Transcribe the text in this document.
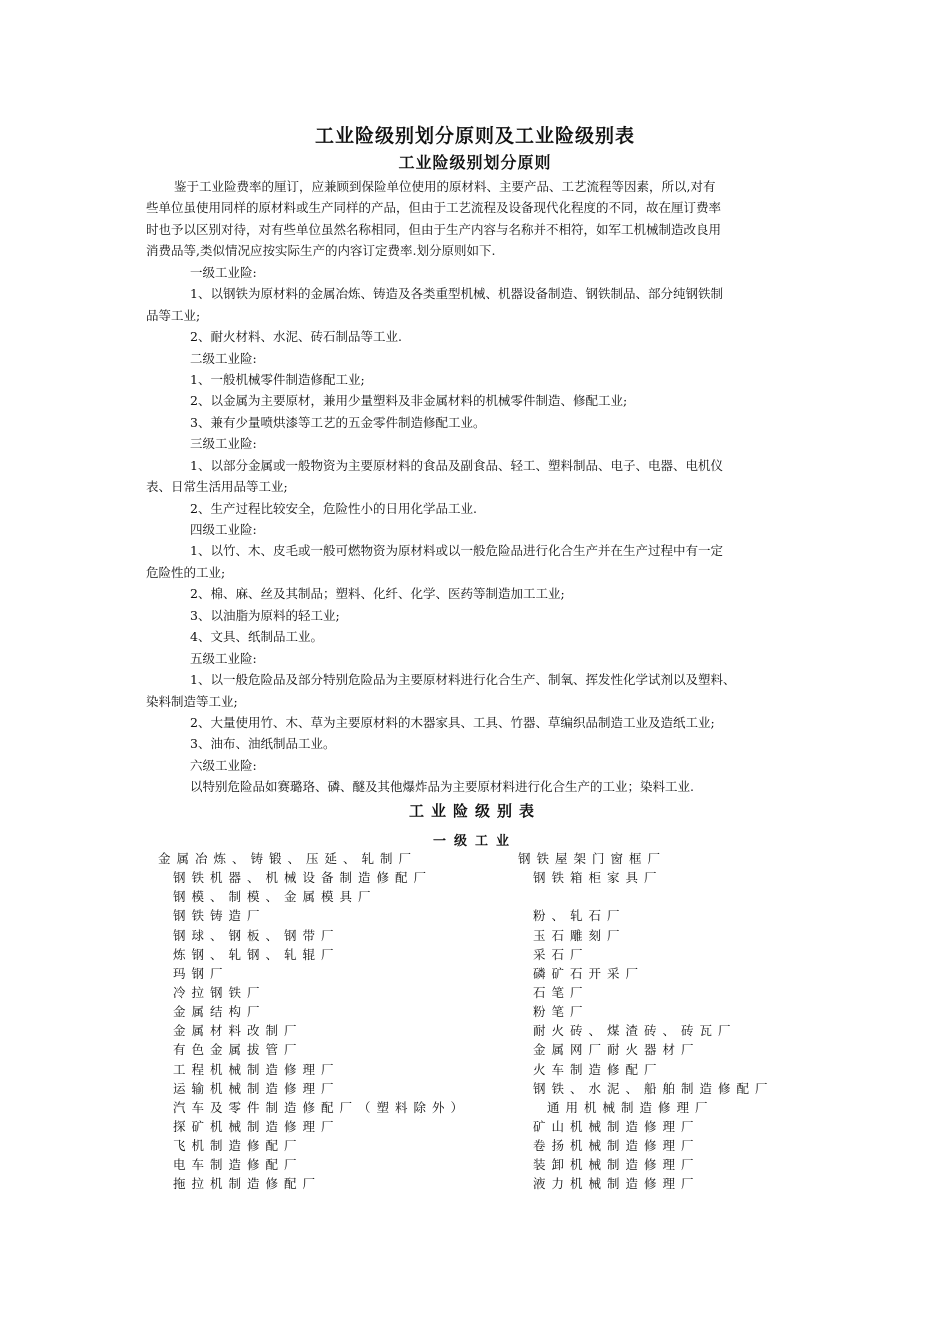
工业险级别划分原则及工业险级别表
工业险级别划分原则
鉴于工业险费率的厘订，应兼顾到保险单位使用的原材料、主要产品、工艺流程等因素，所以,对有
些单位虽使用同样的原材料或生产同样的产品，但由于工艺流程及设备现代化程度的不同，故在厘订费率
时也予以区别对待，对有些单位虽然名称相同，但由于生产内容与名称并不相符，如军工机械制造改良用
消费品等,类似情况应按实际生产的内容订定费率.划分原则如下.
一级工业险:
1、以钢铁为原材料的金属冶炼、铸造及各类重型机械、机器设备制造、钢铁制品、部分纯钢铁制
品等工业;
2、耐火材料、水泥、砖石制品等工业.
二级工业险:
1、一般机械零件制造修配工业;
2、以金属为主要原材，兼用少量塑料及非金属材料的机械零件制造、修配工业;
3、兼有少量喷烘漆等工艺的五金零件制造修配工业。
三级工业险:
1、以部分金属或一般物资为主要原材料的食品及副食品、轻工、塑料制品、电子、电器、电机仪
表、日常生活用品等工业;
2、生产过程比较安全，危险性小的日用化学品工业.
四级工业险:
1、以竹、木、皮毛或一般可燃物资为原材料或以一般危险品进行化合生产并在生产过程中有一定
危险性的工业;
2、棉、麻、丝及其制品；塑料、化纤、化学、医药等制造加工工业;
3、以油脂为原料的轻工业;
4、文具、纸制品工业。
五级工业险:
1、以一般危险品及部分特别危险品为主要原材料进行化合生产、制氧、挥发性化学试剂以及塑料、
染料制造等工业;
2、大量使用竹、木、草为主要原材料的木器家具、工具、竹器、草编织品制造工业及造纸工业;
3、油布、油纸制品工业。
六级工业险:
以特别危险品如赛璐珞、磷、醚及其他爆炸品为主要原材料进行化合生产的工业；染料工业.
工业险级别表
一级工业
金属冶炼、铸锻、压延、轧制厂
钢铁机器、机械设备制造修配厂
钢模、制模、金属模具厂
钢铁铸造厂
钢球、钢板、钢带厂
炼钢、轧钢、轧辊厂
玛钢厂
冷拉钢铁厂
金属结构厂
金属材料改制厂
有色金属拔管厂
工程机械制造修理厂
运输机械制造修理厂
汽车及零件制造修配厂（塑料除外）
探矿机械制造修理厂
飞机制造修配厂
电车制造修配厂
拖拉机制造修配厂
钢铁屋架门窗框厂
钢铁箱柜家具厂
粉、轧石厂
玉石雕刻厂
采石厂
磷矿石开采厂
石笔厂
粉笔厂
耐火砖、煤渣砖、砖瓦厂
金属网厂耐火器材厂
火车制造修配厂
钢铁、水泥、船舶制造修配厂
通用机械制造修理厂
矿山机械制造修理厂
卷扬机械制造修理厂
装卸机械制造修理厂
液力机械制造修理厂
